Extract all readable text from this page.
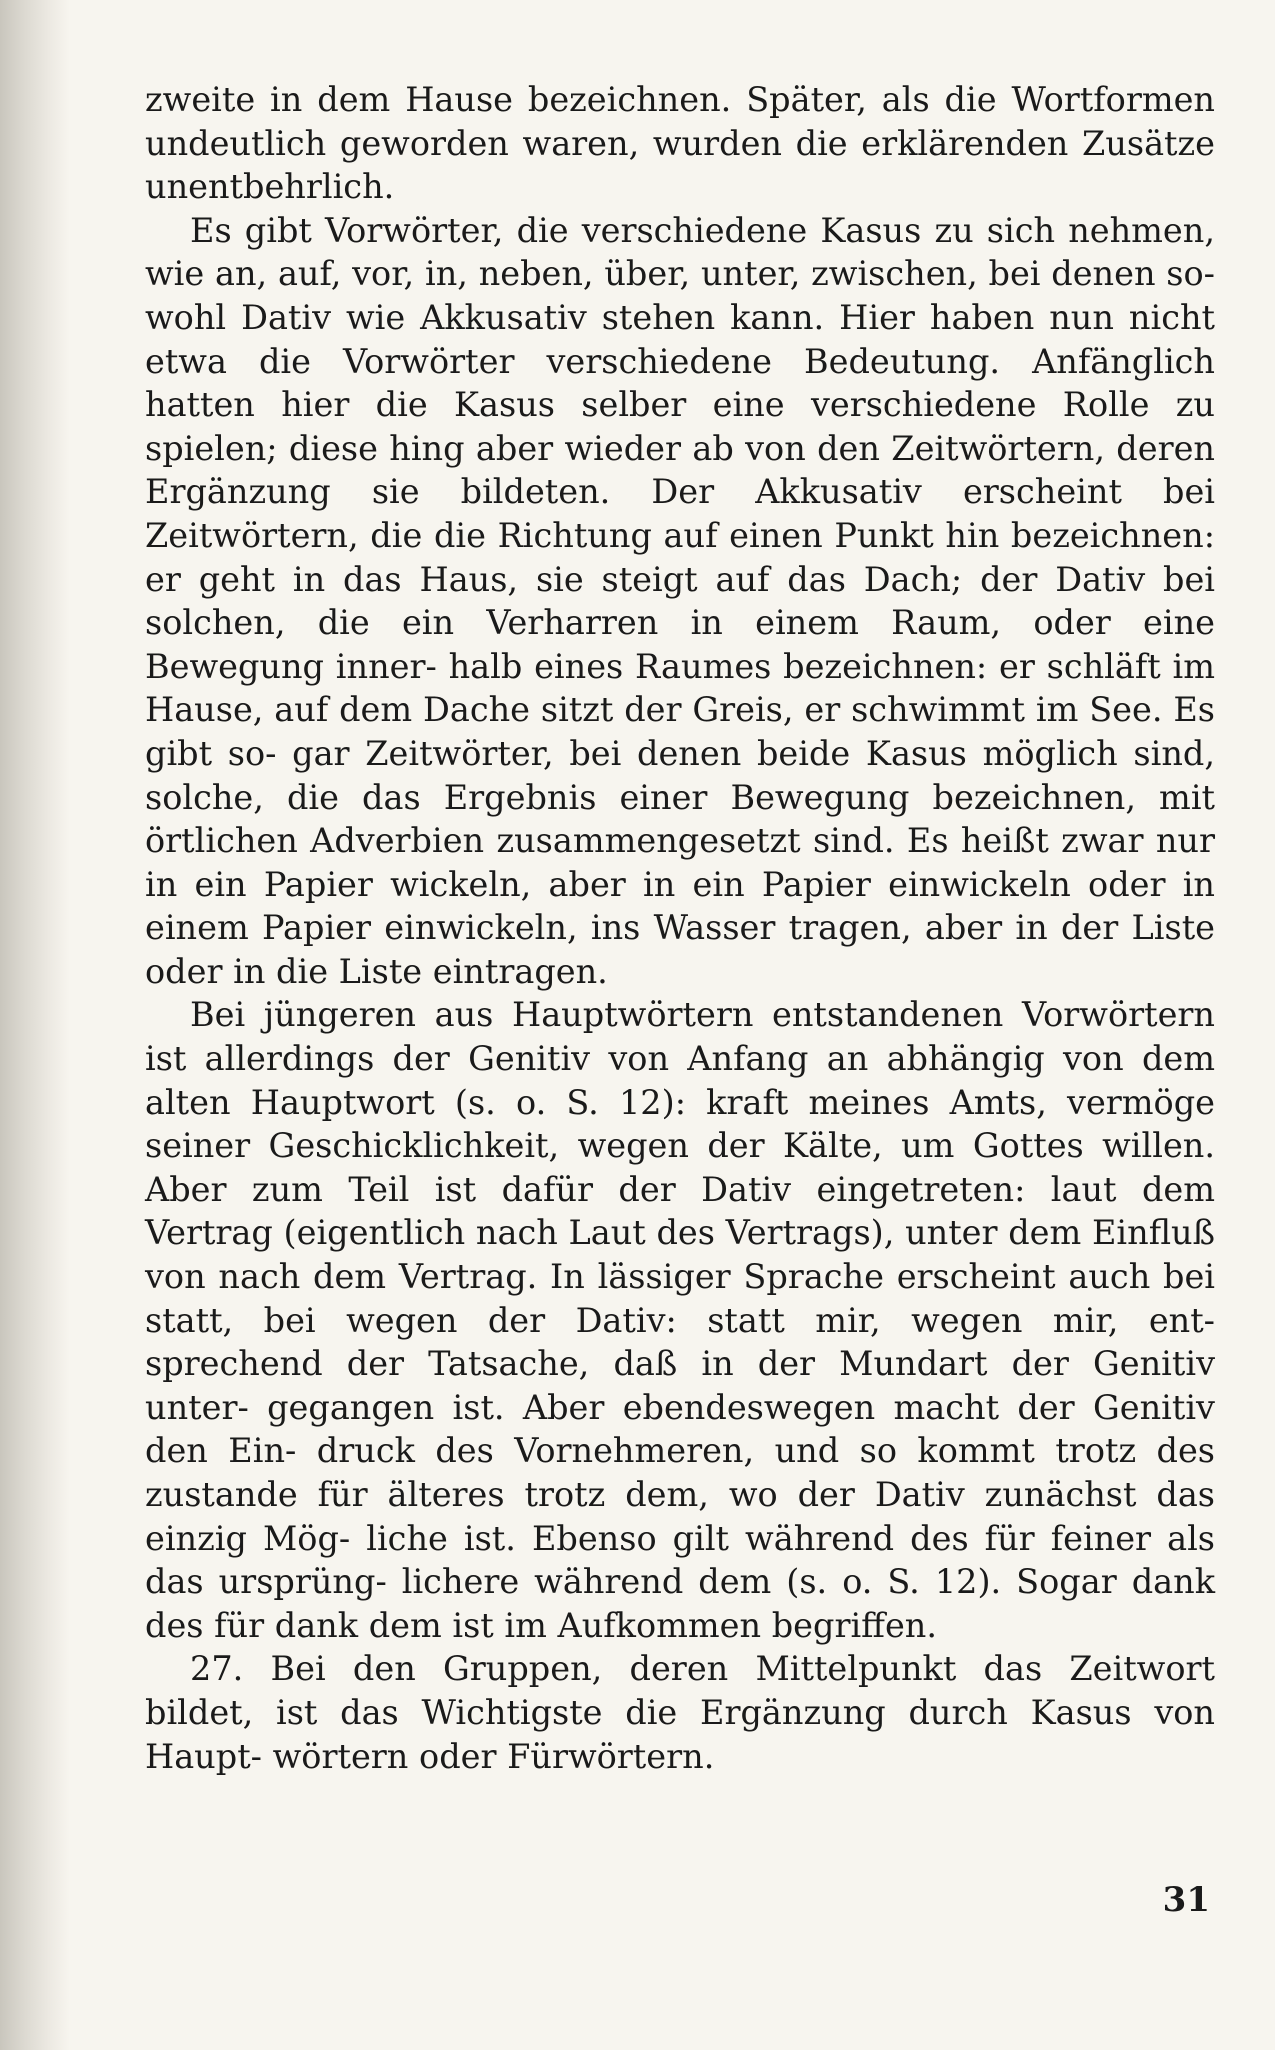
zweite in dem Hause bezeichnen. Später, als die Wortformen undeutlich geworden waren, wurden die erklärenden Zusätze unentbehrlich.

Es gibt Vorwörter, die verschiedene Kasus zu sich nehmen, wie an, auf, vor, in, neben, über, unter, zwischen, bei denen so- wohl Dativ wie Akkusativ stehen kann. Hier haben nun nicht etwa die Vorwörter verschiedene Bedeutung. Anfänglich hatten hier die Kasus selber eine verschiedene Rolle zu spielen; diese hing aber wieder ab von den Zeitwörtern, deren Ergänzung sie bildeten. Der Akkusativ erscheint bei Zeitwörtern, die die Richtung auf einen Punkt hin bezeichnen: er geht in das Haus, sie steigt auf das Dach; der Dativ bei solchen, die ein Verharren in einem Raum, oder eine Bewegung inner- halb eines Raumes bezeichnen: er schläft im Hause, auf dem Dache sitzt der Greis, er schwimmt im See. Es gibt so- gar Zeitwörter, bei denen beide Kasus möglich sind, solche, die das Ergebnis einer Bewegung bezeichnen, mit örtlichen Adverbien zusammengesetzt sind. Es heißt zwar nur in ein Papier wickeln, aber in ein Papier einwickeln oder in einem Papier einwickeln, ins Wasser tragen, aber in der Liste oder in die Liste eintragen.

Bei jüngeren aus Hauptwörtern entstandenen Vorwörtern ist allerdings der Genitiv von Anfang an abhängig von dem alten Hauptwort (s. o. S. 12): kraft meines Amts, vermöge seiner Geschicklichkeit, wegen der Kälte, um Gottes willen. Aber zum Teil ist dafür der Dativ eingetreten: laut dem Vertrag (eigentlich nach Laut des Vertrags), unter dem Einfluß von nach dem Vertrag. In lässiger Sprache erscheint auch bei statt, bei wegen der Dativ: statt mir, wegen mir, ent- sprechend der Tatsache, daß in der Mundart der Genitiv unter- gegangen ist. Aber ebendeswegen macht der Genitiv den Ein- druck des Vornehmeren, und so kommt trotz des zustande für älteres trotz dem, wo der Dativ zunächst das einzig Mög- liche ist. Ebenso gilt während des für feiner als das ursprüng- lichere während dem (s. o. S. 12). Sogar dank des für dank dem ist im Aufkommen begriffen.

27. Bei den Gruppen, deren Mittelpunkt das Zeitwort bildet, ist das Wichtigste die Ergänzung durch Kasus von Haupt- wörtern oder Fürwörtern.

31
